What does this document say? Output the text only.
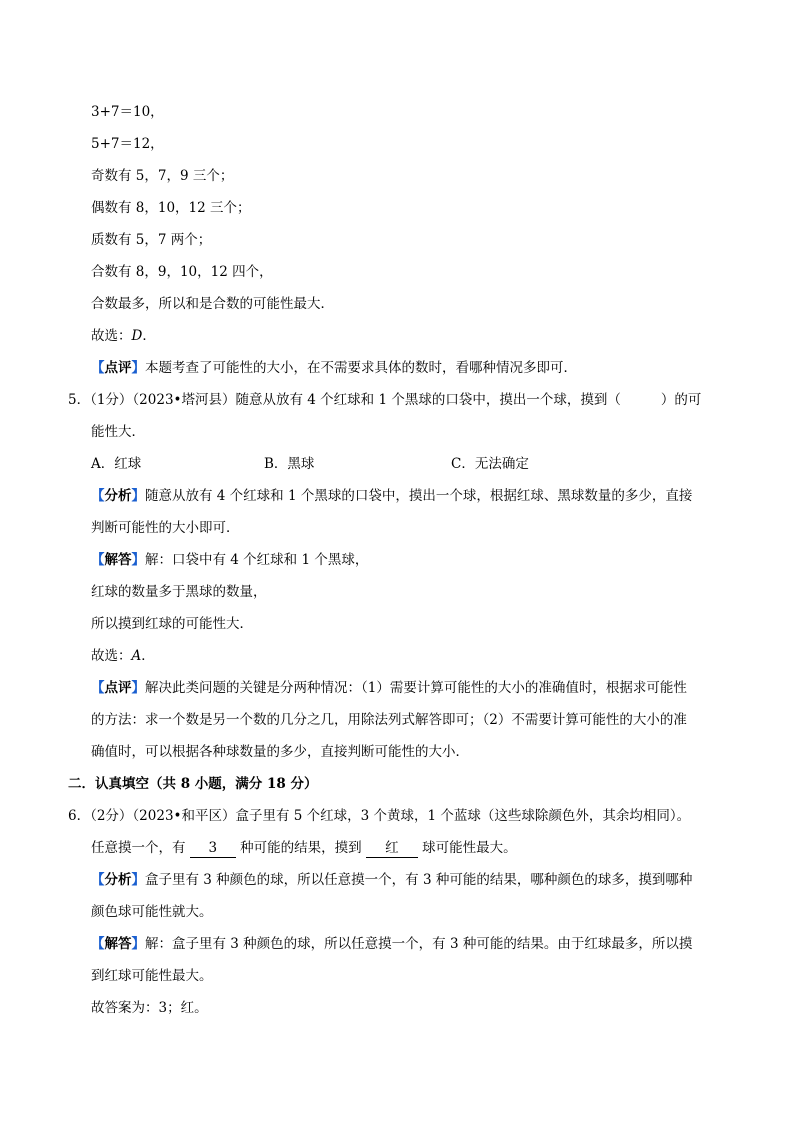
3+7＝10，
5+7＝12，
奇数有 5，7，9 三个；
偶数有 8，10，12 三个；
质数有 5，7 两个；
合数有 8，9，10，12 四个，
合数最多，所以和是合数的可能性最大．
故选：D．
【点评】本题考查了可能性的大小，在不需要求具体的数时，看哪种情况多即可．
5．（1分）（2023•塔河县）随意从放有 4 个红球和 1 个黑球的口袋中，摸出一个球，摸到（	）的可
能性大．
A．红球	B．黑球	C．无法确定
【分析】随意从放有 4 个红球和 1 个黑球的口袋中，摸出一个球，根据红球、黑球数量的多少，直接
判断可能性的大小即可．
【解答】解：口袋中有 4 个红球和 1 个黑球，
红球的数量多于黑球的数量，
所以摸到红球的可能性大．
故选：A．
【点评】解决此类问题的关键是分两种情况：（1）需要计算可能性的大小的准确值时，根据求可能性
的方法：求一个数是另一个数的几分之几，用除法列式解答即可；（2）不需要计算可能性的大小的准
确值时，可以根据各种球数量的多少，直接判断可能性的大小．
二．认真填空（共 8 小题，满分 18 分）
6．（2分）（2023•和平区）盒子里有 5 个红球，3 个黄球，1 个蓝球（这些球除颜色外，其余均相同）。
任意摸一个，有 3 种可能的结果，摸到 红 球可能性最大。
【分析】盒子里有 3 种颜色的球，所以任意摸一个，有 3 种可能的结果，哪种颜色的球多，摸到哪种
颜色球可能性就大。
【解答】解：盒子里有 3 种颜色的球，所以任意摸一个，有 3 种可能的结果。由于红球最多，所以摸
到红球可能性最大。
故答案为：3；红。
